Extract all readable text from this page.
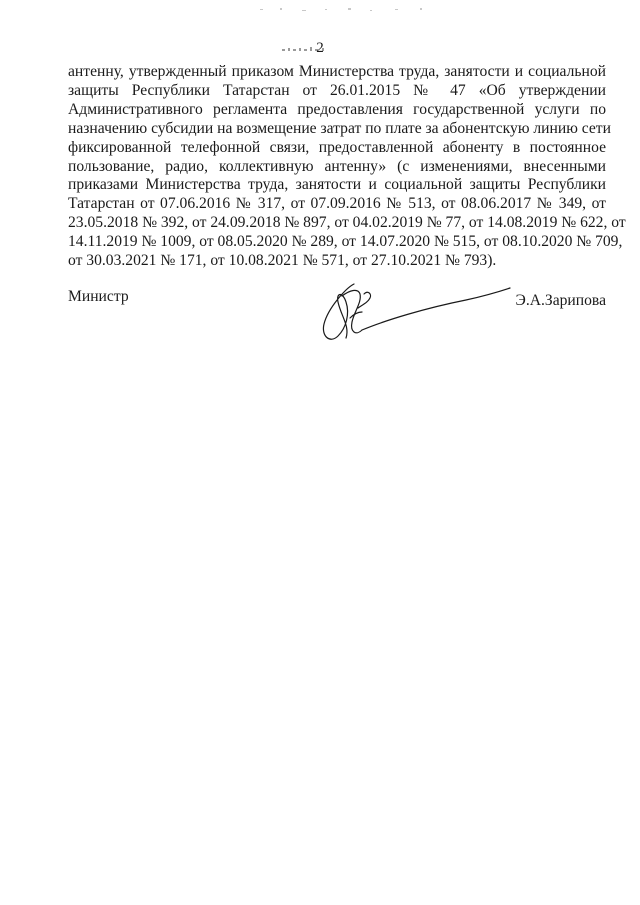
2
антенну, утвержденный приказом Министерства труда, занятости и социальной
защиты Республики Татарстан от 26.01.2015 № 47 «Об утверждении
Административного регламента предоставления государственной услуги по
назначению субсидии на возмещение затрат по плате за абонентскую линию сети
фиксированной телефонной связи, предоставленной абоненту в постоянное
пользование, радио, коллективную антенну» (с изменениями, внесенными
приказами Министерства труда, занятости и социальной защиты Республики
Татарстан от 07.06.2016 № 317, от 07.09.2016 № 513, от 08.06.2017 № 349, от
23.05.2018 № 392, от 24.09.2018 № 897, от 04.02.2019 № 77, от 14.08.2019 № 622, от
14.11.2019 № 1009, от 08.05.2020 № 289, от 14.07.2020 № 515, от 08.10.2020 № 709,
от 30.03.2021 № 171, от 10.08.2021 № 571, от 27.10.2021 № 793).
Министр	Э.А.Зарипова
